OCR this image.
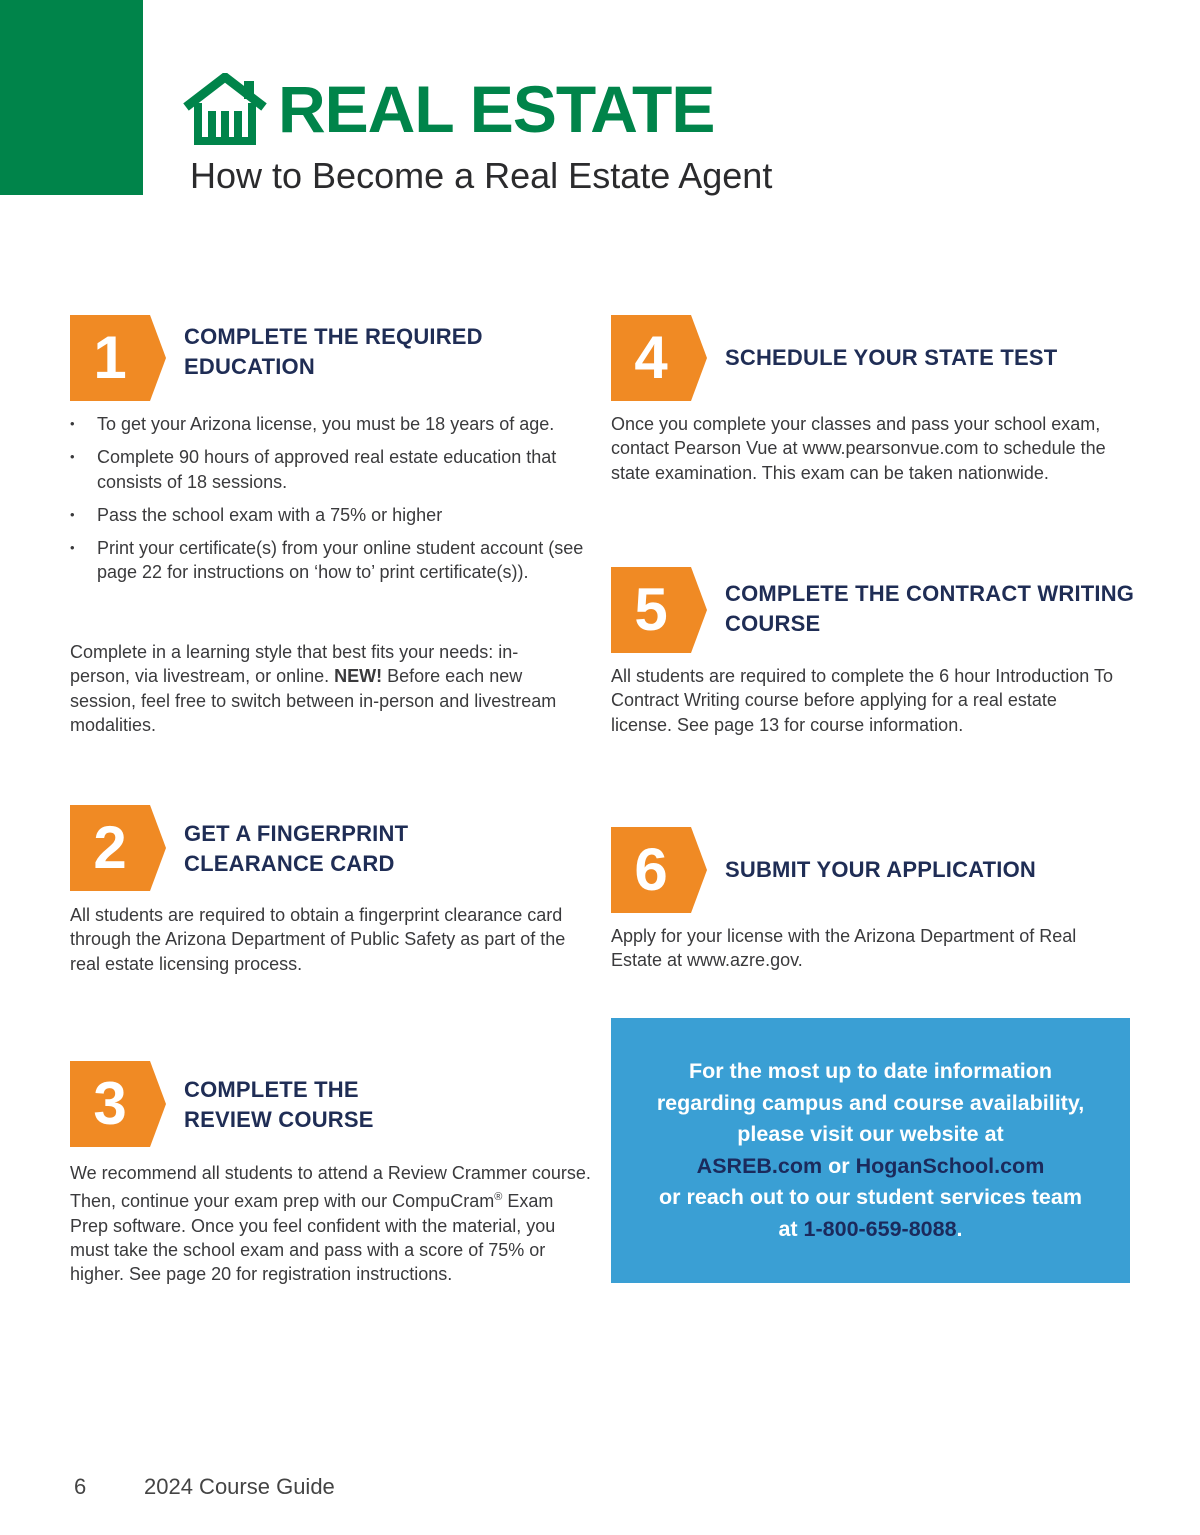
REAL ESTATE
How to Become a Real Estate Agent
1	COMPLETE THE REQUIRED
EDUCATION
• To get your Arizona license, you must be 18 years of age.
• Complete 90 hours of approved real estate education that consists of 18 sessions.
• Pass the school exam with a 75% or higher
• Print your certificate(s) from your online student account (see page 22 for instructions on ‘how to’ print certificate(s)).

Complete in a learning style that best fits your needs: in-person, via livestream, or online. NEW! Before each new session, feel free to switch between in-person and livestream modalities.

2	GET A FINGERPRINT
CLEARANCE CARD

All students are required to obtain a fingerprint clearance card through the Arizona Department of Public Safety as part of the real estate licensing process.

3	COMPLETE THE
REVIEW COURSE

We recommend all students to attend a Review Crammer course. Then, continue your exam prep with our CompuCram® Exam Prep software. Once you feel confident with the material, you must take the school exam and pass with a score of 75% or higher. See page 20 for registration instructions.

4	SCHEDULE YOUR STATE TEST

Once you complete your classes and pass your school exam, contact Pearson Vue at www.pearsonvue.com to schedule the state examination. This exam can be taken nationwide.

5	COMPLETE THE CONTRACT WRITING
COURSE

All students are required to complete the 6 hour Introduction To Contract Writing course before applying for a real estate license. See page 13 for course information.

6	SUBMIT YOUR APPLICATION

Apply for your license with the Arizona Department of Real Estate at www.azre.gov.

For the most up to date information
regarding campus and course availability,
please visit our website at
ASREB.com or HoganSchool.com
or reach out to our student services team
at 1-800-659-8088.
6	2024 Course Guide
